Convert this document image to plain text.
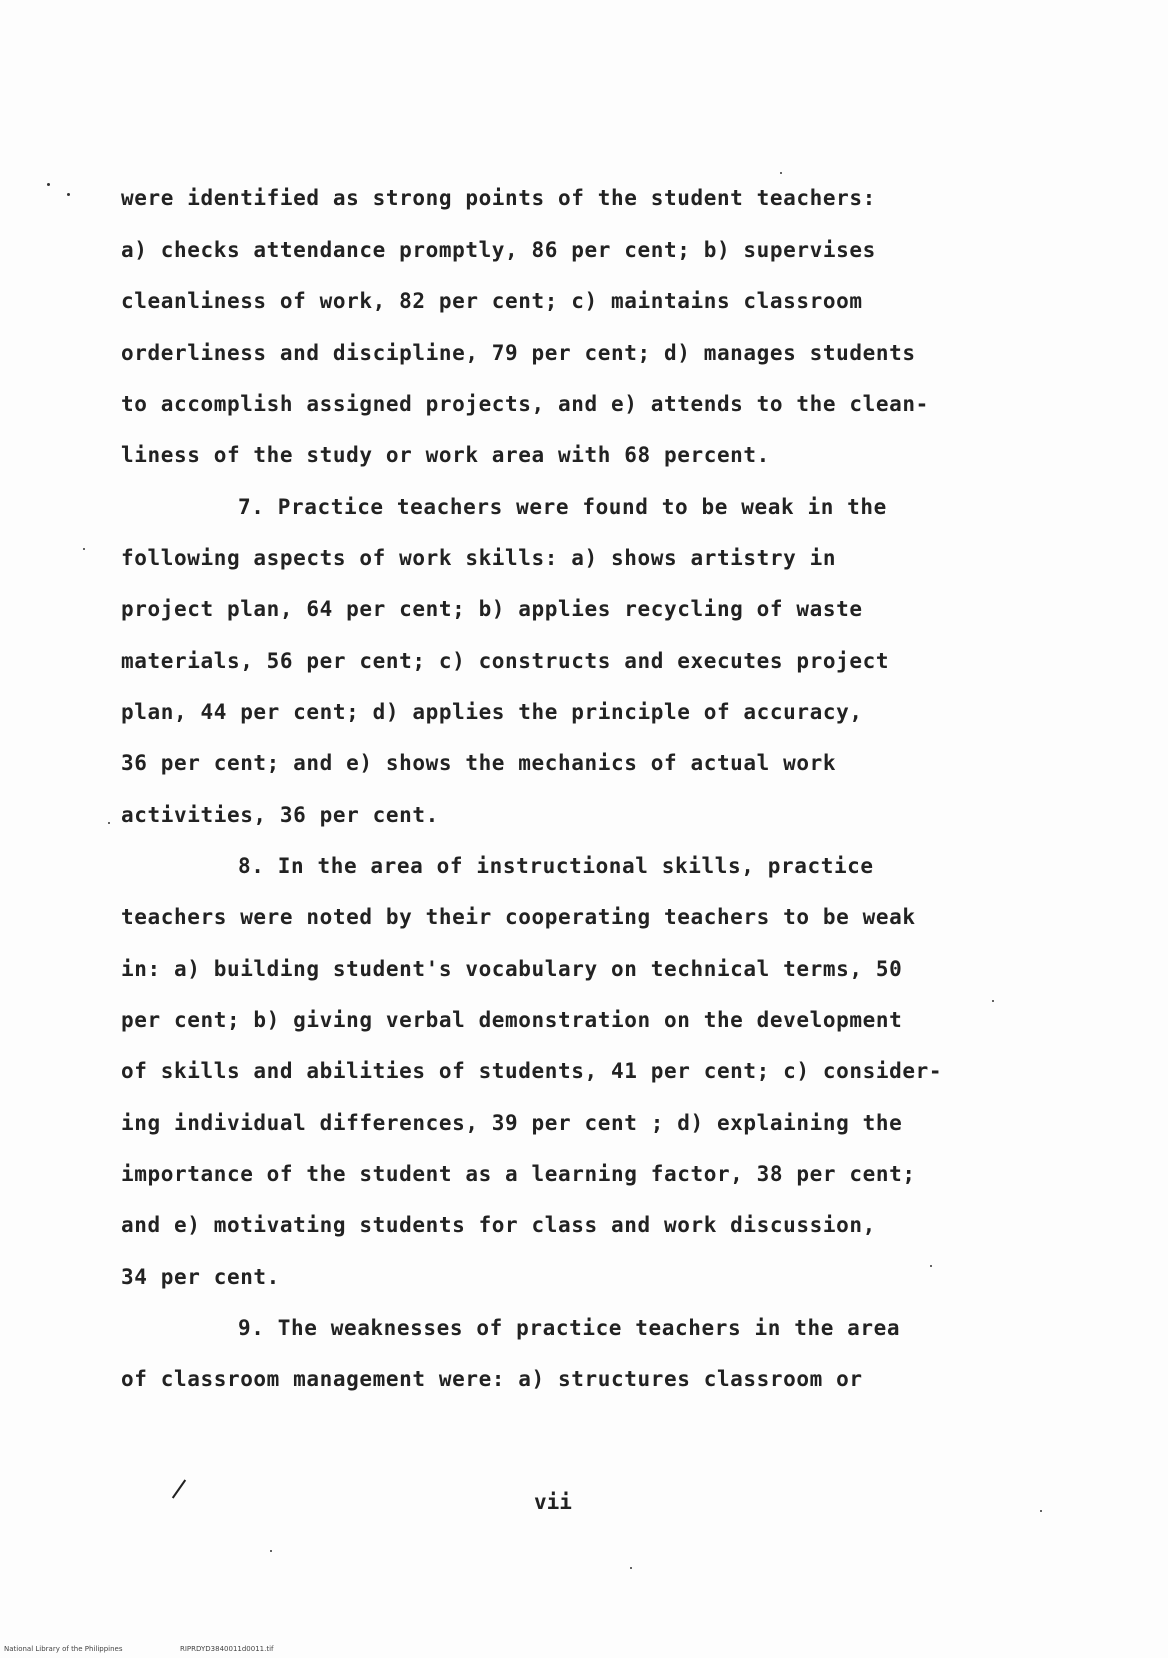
were identified as strong points of the student teachers:
a) checks attendance promptly, 86 per cent; b) supervises
cleanliness of work, 82 per cent; c) maintains classroom
orderliness and discipline, 79 per cent; d) manages students
to accomplish assigned projects, and e) attends to the clean-
liness of the study or work area with 68 percent.
7. Practice teachers were found to be weak in the
following aspects of work skills: a) shows artistry in
project plan, 64 per cent; b) applies recycling of waste
materials, 56 per cent; c) constructs and executes project
plan, 44 per cent; d) applies the principle of accuracy,
36 per cent; and e) shows the mechanics of actual work
activities, 36 per cent.
8. In the area of instructional skills, practice
teachers were noted by their cooperating teachers to be weak
in: a) building student's vocabulary on technical terms, 50
per cent; b) giving verbal demonstration on the development
of skills and abilities of students, 41 per cent; c) consider-
ing individual differences, 39 per cent ; d) explaining the
importance of the student as a learning factor, 38 per cent;
and e) motivating students for class and work discussion,
34 per cent.
9. The weaknesses of practice teachers in the area
of classroom management were: a) structures classroom or
vii
National Library of the Philippines	RIPRDYD3840011d0011.tif
